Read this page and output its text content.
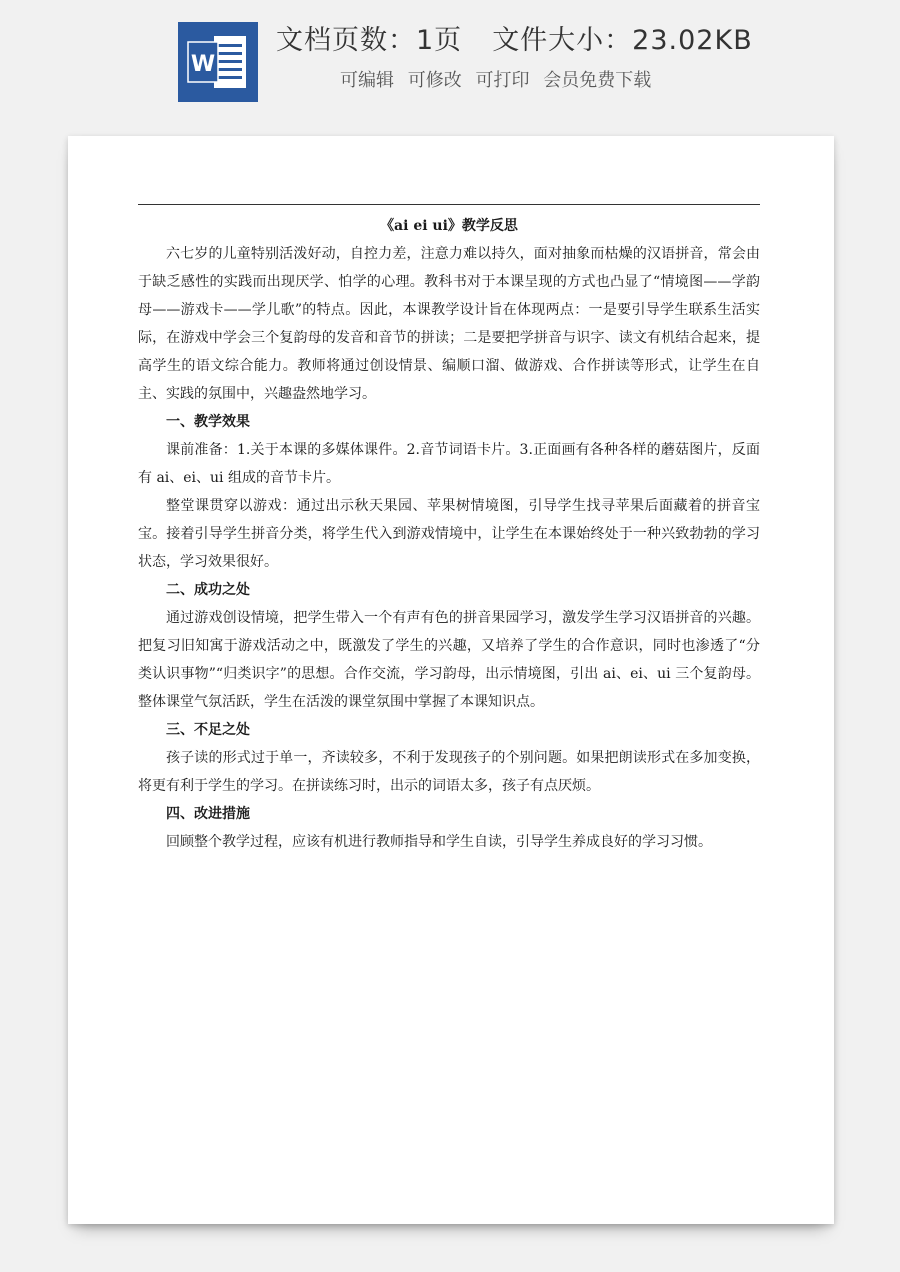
W
文档页数：1页 文件大小：23.02KB
可编辑 可修改 可打印 会员免费下载

《ai ei ui》教学反思

六七岁的儿童特别活泼好动，自控力差，注意力难以持久，面对抽象而枯燥的汉语拼音，常会由于缺乏感性的实践而出现厌学、怕学的心理。教科书对于本课呈现的方式也凸显了“情境图——学韵母——游戏卡——学儿歌”的特点。因此，本课教学设计旨在体现两点：一是要引导学生联系生活实际，在游戏中学会三个复韵母的发音和音节的拼读；二是要把学拼音与识字、读文有机结合起来，提高学生的语文综合能力。教师将通过创设情景、编顺口溜、做游戏、合作拼读等形式，让学生在自主、实践的氛围中，兴趣盎然地学习。

一、教学效果

课前准备：1.关于本课的多媒体课件。2.音节词语卡片。3.正面画有各种各样的蘑菇图片，反面有 ai、ei、ui 组成的音节卡片。

整堂课贯穿以游戏：通过出示秋天果园、苹果树情境图，引导学生找寻苹果后面藏着的拼音宝宝。接着引导学生拼音分类，将学生代入到游戏情境中，让学生在本课始终处于一种兴致勃勃的学习状态，学习效果很好。

二、成功之处

通过游戏创设情境，把学生带入一个有声有色的拼音果园学习，激发学生学习汉语拼音的兴趣。把复习旧知寓于游戏活动之中，既激发了学生的兴趣，又培养了学生的合作意识，同时也渗透了“分类认识事物”“归类识字”的思想。合作交流，学习韵母，出示情境图，引出 ai、ei、ui 三个复韵母。整体课堂气氛活跃，学生在活泼的课堂氛围中掌握了本课知识点。

三、不足之处

孩子读的形式过于单一，齐读较多，不利于发现孩子的个别问题。如果把朗读形式在多加变换，将更有利于学生的学习。在拼读练习时，出示的词语太多，孩子有点厌烦。

四、改进措施

回顾整个教学过程，应该有机进行教师指导和学生自读，引导学生养成良好的学习习惯。
